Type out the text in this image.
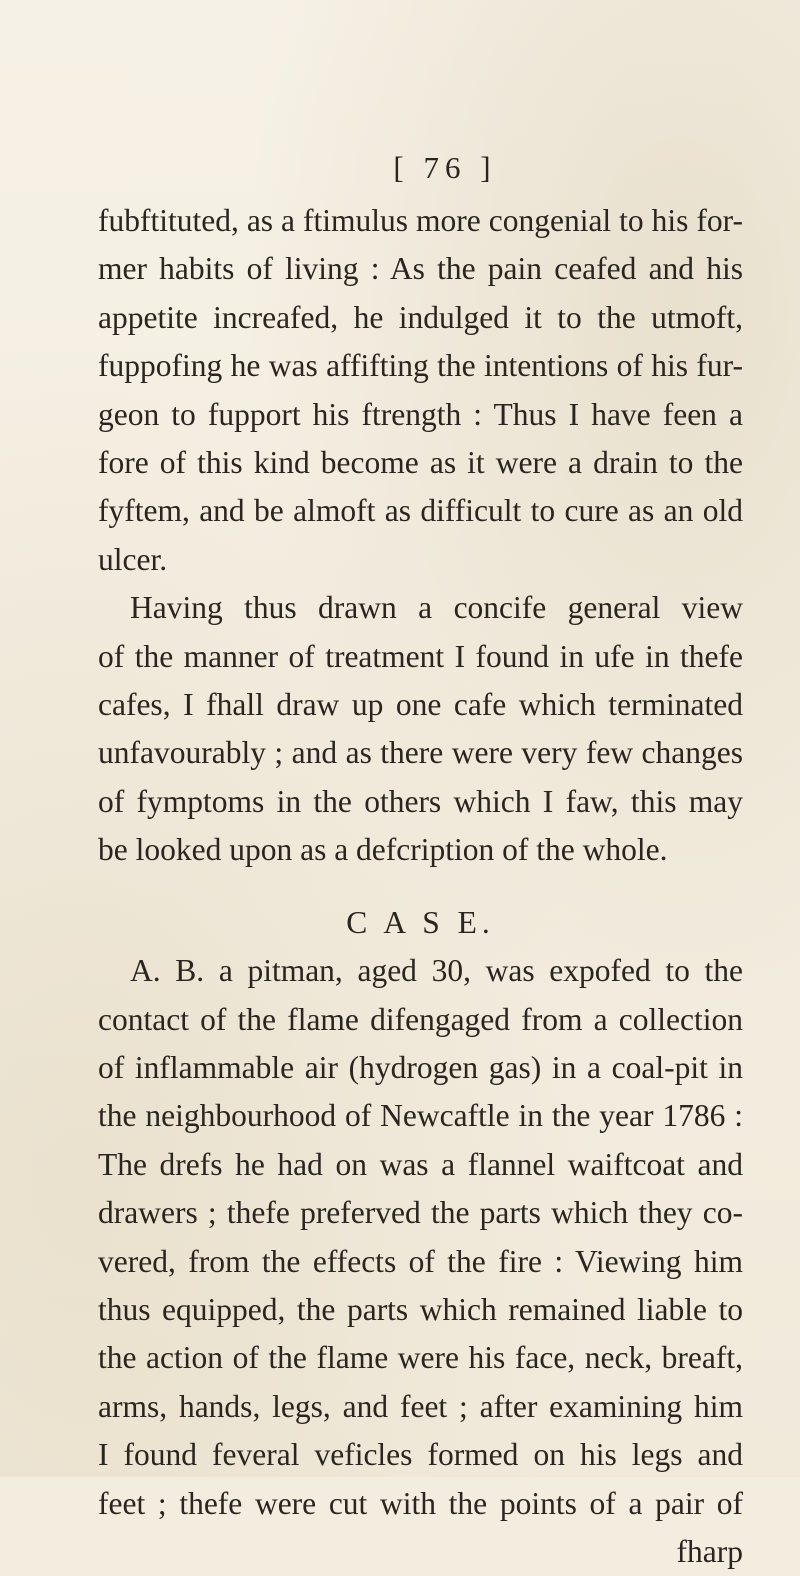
[ 76 ]
fubftituted, as a ftimulus more congenial to his for-
mer habits of living : As the pain ceafed and his
appetite increafed, he indulged it to the utmoft,
fuppofing he was affifting the intentions of his fur-
geon to fupport his ftrength : Thus I have feen a
fore of this kind become as it were a drain to the
fyftem, and be almoft as difficult to cure as an old
ulcer.
Having thus drawn a concife general view
of the manner of treatment I found in ufe in thefe
cafes, I fhall draw up one cafe which terminated
unfavourably ; and as there were very few changes
of fymptoms in the others which I faw, this may
be looked upon as a defcription of the whole.
C A S E.
A. B. a pitman, aged 30, was expofed to the
contact of the flame difengaged from a collection
of inflammable air (hydrogen gas) in a coal-pit in
the neighbourhood of Newcaftle in the year 1786 :
The drefs he had on was a flannel waiftcoat and
drawers ; thefe preferved the parts which they co-
vered, from the effects of the fire : Viewing him
thus equipped, the parts which remained liable to
the action of the flame were his face, neck, breaft,
arms, hands, legs, and feet ; after examining him
I found feveral veficles formed on his legs and
feet ; thefe were cut with the points of a pair of
fharp
